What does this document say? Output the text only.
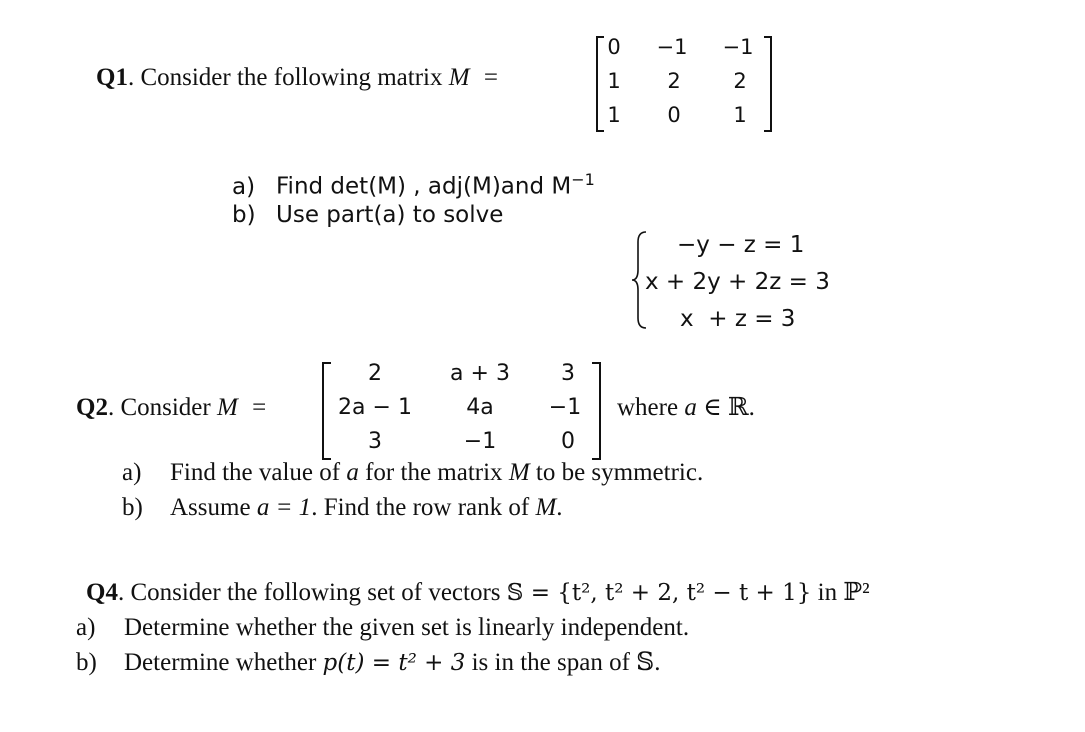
Q1. Consider the following matrix M =
0	−1 −1
1	2	2
1	0	1
a) Find det(M) , adj(M)and $M^{-1}$
b) Use part(a) to solve
−y − z = 1
x + 2y + 2z = 3
x  + z = 3
Q2. Consider M =
2	a + 3	3
2a − 1	4a	−1
3	−1	0
where a ∈ ℝ.
a) Find the value of a for the matrix M to be symmetric.
b) Assume a = 1. Find the row rank of M.
Q4. Consider the following set of vectors 𝕊 = {t², t² + 2, t² − t + 1} in ℙ²
a) Determine whether the given set is linearly independent.
b) Determine whether p(t) = t² + 3 is in the span of 𝕊.
